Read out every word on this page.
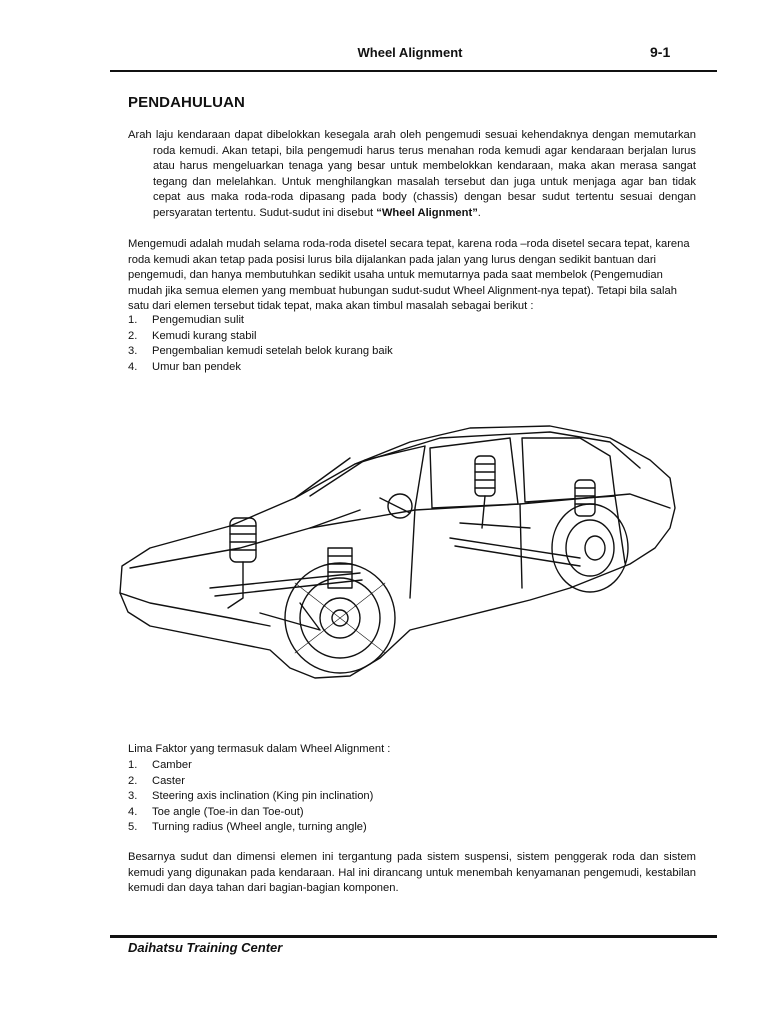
Wheel Alignment	9-1
PENDAHULUAN
Arah laju kendaraan dapat dibelokkan kesegala arah oleh pengemudi sesuai kehendaknya dengan memutarkan roda kemudi. Akan tetapi, bila pengemudi harus terus menahan roda kemudi agar kendaraan berjalan lurus atau harus mengeluarkan tenaga yang besar untuk membelokkan kendaraan, maka akan merasa sangat tegang dan melelahkan. Untuk menghilangkan masalah tersebut dan juga untuk menjaga agar ban tidak cepat aus maka roda-roda dipasang pada body (chassis) dengan besar sudut tertentu sesuai dengan persyaratan tertentu. Sudut-sudut ini disebut “Wheel Alignment”.
Mengemudi adalah mudah selama roda-roda disetel secara tepat, karena roda –roda disetel secara tepat, karena roda kemudi akan tetap pada posisi lurus bila dijalankan pada jalan yang lurus dengan sedikit bantuan dari pengemudi, dan hanya membutuhkan sedikit usaha untuk memutarnya pada saat membelok (Pengemudian mudah jika semua elemen yang membuat hubungan sudut-sudut Wheel Alignment-nya tepat). Tetapi bila salah satu dari elemen tersebut tidak tepat, maka akan timbul masalah sebagai berikut :
1.	Pengemudian sulit
2.	Kemudi kurang stabil
3.	Pengembalian kemudi setelah belok kurang baik
4.	Umur ban pendek
Lima Faktor yang termasuk dalam Wheel Alignment :
1.	Camber
2.	Caster
3.	Steering axis inclination (King pin inclination)
4.	Toe angle (Toe-in dan Toe-out)
5.	Turning radius (Wheel angle, turning angle)
Besarnya sudut dan dimensi elemen ini tergantung pada sistem suspensi, sistem penggerak roda dan sistem kemudi yang digunakan pada kendaraan. Hal ini dirancang untuk menembah kenyamanan pengemudi, kestabilan kemudi dan daya tahan dari bagian-bagian komponen.
Daihatsu Training Center
